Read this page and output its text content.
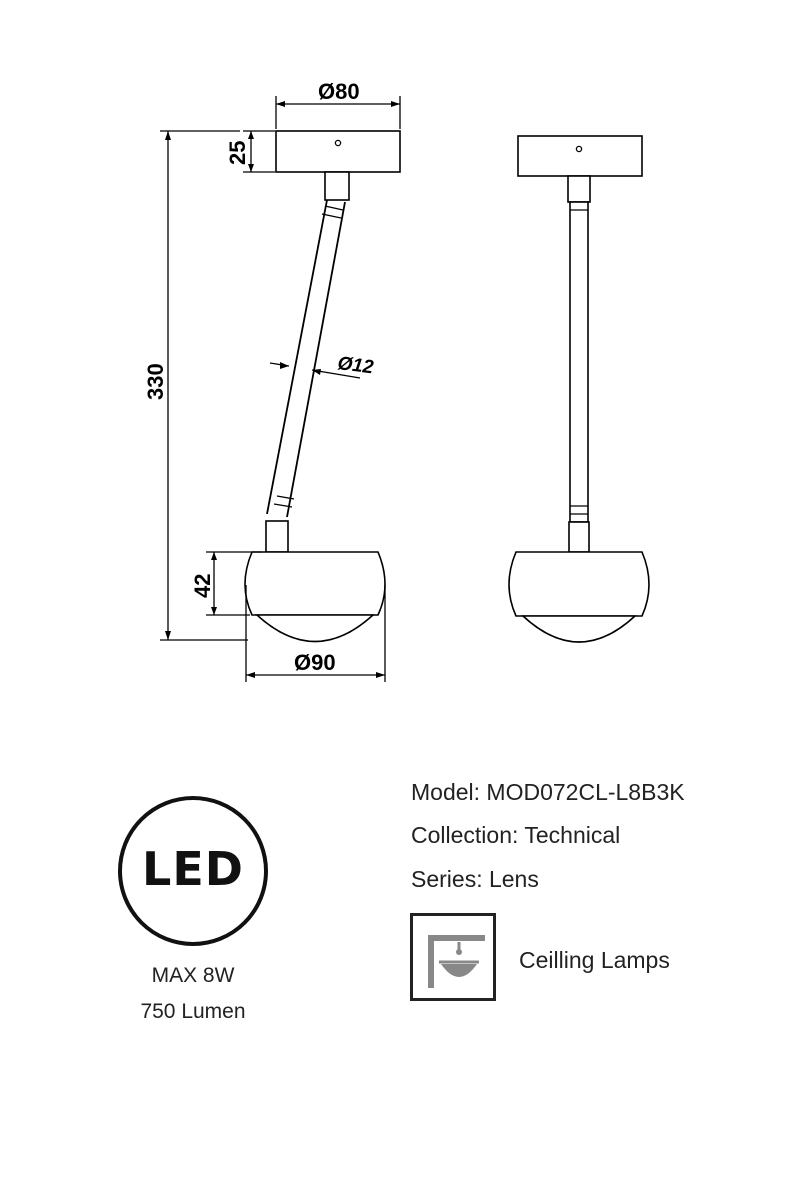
Ø80
25
330	Ø12
42
Ø90
LED
MAX 8W
750 Lumen
Model: MOD072CL-L8B3K
Collection: Technical
Series: Lens
Ceilling Lamps
